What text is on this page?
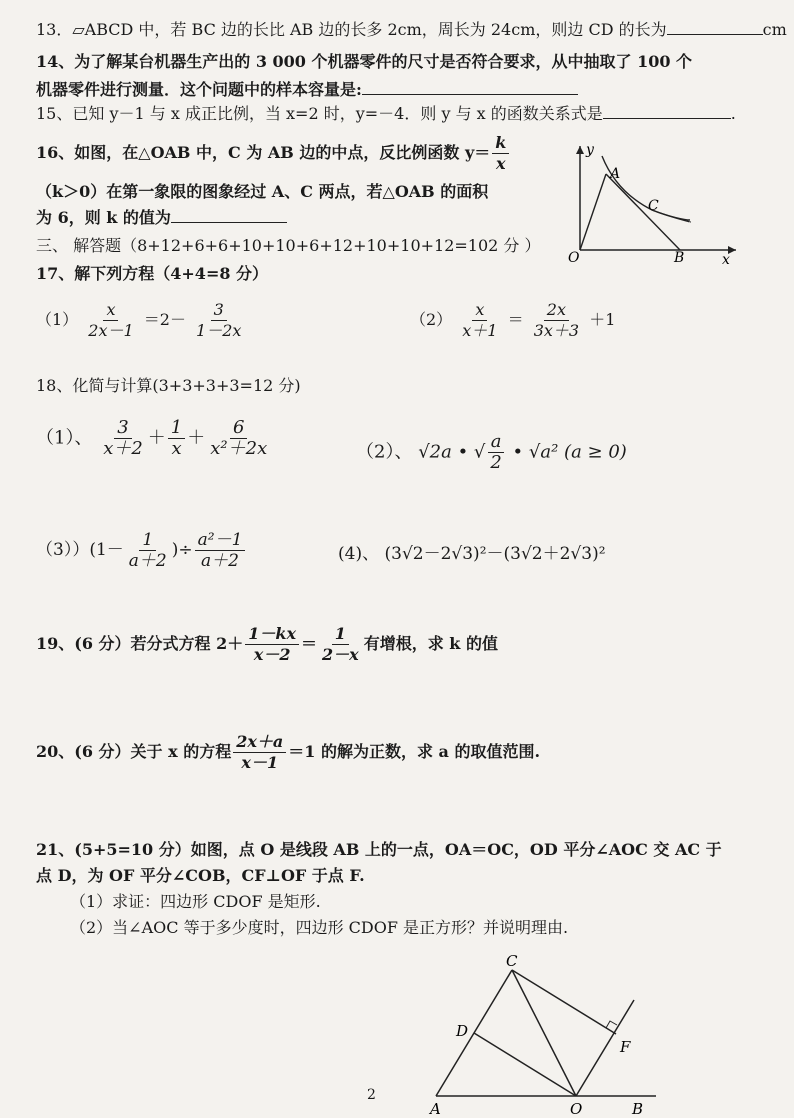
13．▱ABCD 中，若 BC 边的长比 AB 边的长多 2cm，周长为 24cm，则边 CD 的长为	cm
14、为了解某台机器生产出的 3 000 个机器零件的尺寸是否符合要求，从中抽取了 100 个
机器零件进行测量．这个问题中的样本容量是:
15、已知 y－1 与 x 成正比例，当 x=2 时，y=－4．则 y 与 x 的函数关系式是	.
16、如图，在△OAB 中，C 为 AB 边的中点，反比例函数 $y= \frac{k}{x}$
（k＞0）在第一象限的图象经过 A、C 两点，若△OAB 的面积
为 6，则 k 的值为
y
A
C
O	B	x
三、 解答题（8+12+6+6+10+10+6+12+10+10+12=102 分 ）
17、解下列方程（4+4=8 分）
$(1) \frac{x}{2x-1} =2- \frac{3}{1-2x}$	$(2) \frac{x}{x+1} = \frac{2x}{3x+3} +1$
18、化简与计算(3+3+3+3=12 分)
（1）、 $\frac{3}{x+2} + \frac{1}{x} + \frac{6}{\text{x²＋2x}}$	（2）、 √2a • √ $\frac{a}{2}$ • √a² (a ≥ 0)
$(3))(1- \frac{1}{a+2}$ )÷ $\frac{\text{a²－1}}{a+2}$	(4)、 (3√2－2√3)²－(3√2＋2√3)²
19、(6 分）若分式方程 $2+ \frac{1-kx}{x-2} = \frac{1}{2-x}$ 有增根，求 k 的值
20、(6 分）关于 x 的方程 $\frac{2x+a}{x-1} =1$ 的解为正数，求 a 的取值范围.
21、(5+5=10 分）如图，点 O 是线段 AB 上的一点，OA＝OC，OD 平分∠AOC 交 AC 于
点 D，为 OF 平分∠COB，CF⊥OF 于点 F.
（1）求证：四边形 CDOF 是矩形.
（2）当∠AOC 等于多少度时，四边形 CDOF 是正方形？并说明理由.
C
D
F
A	O	B
2
